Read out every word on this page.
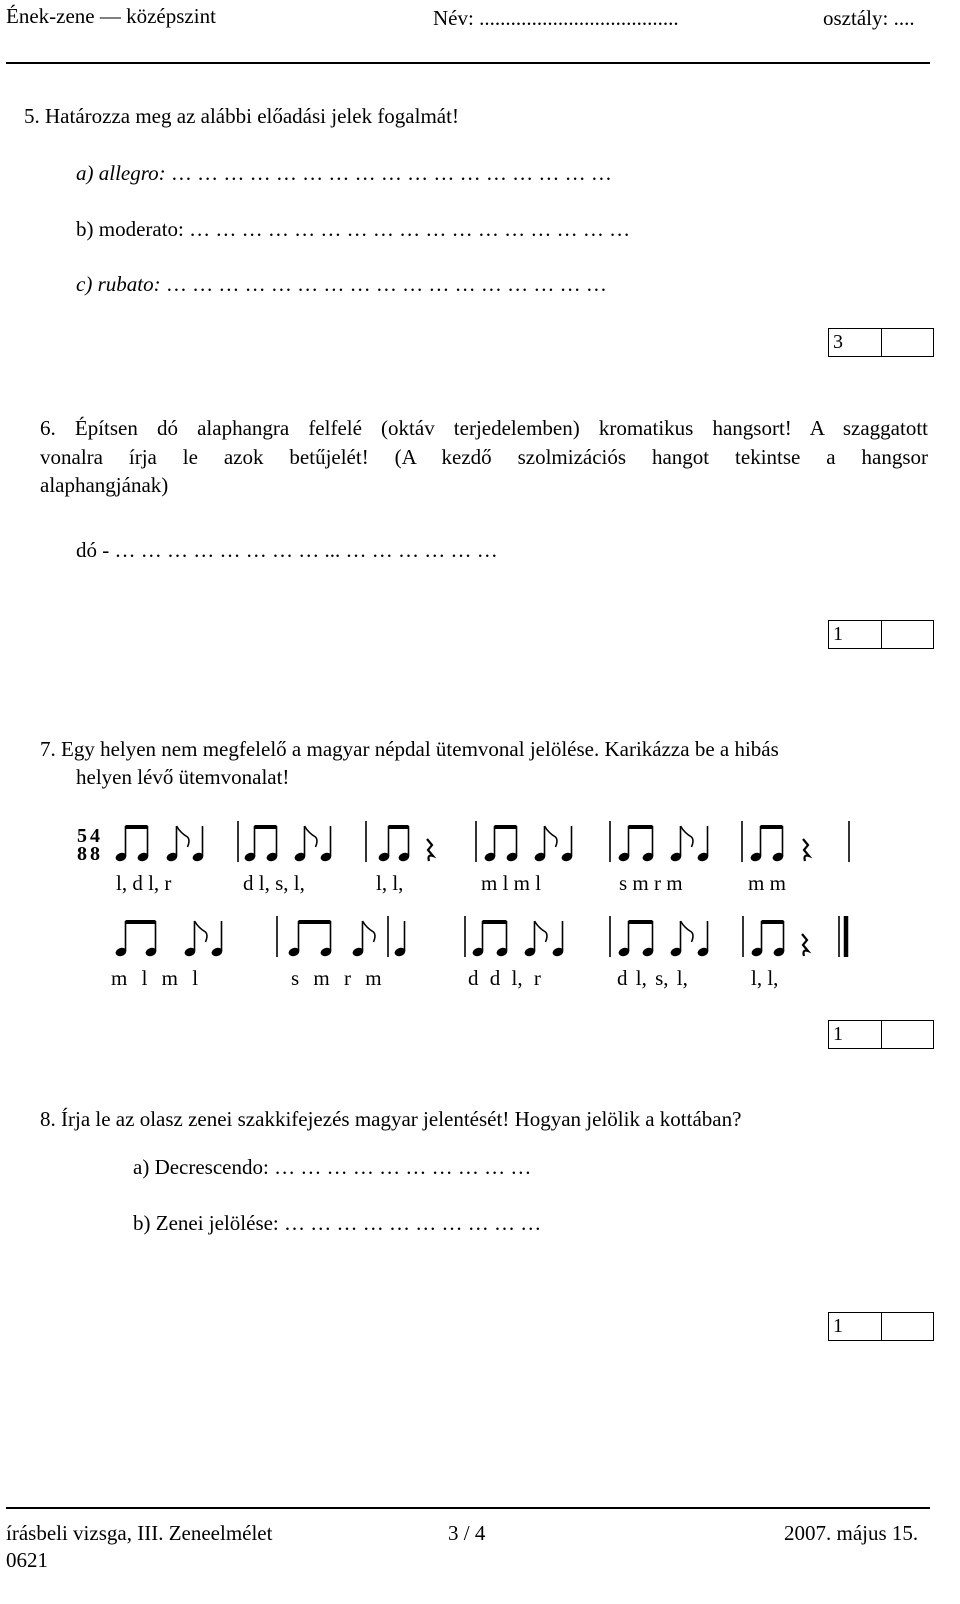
Ének-zene — középszint	Név: ......................................	osztály: ....
5. Határozza meg az alábbi előadási jelek fogalmát!
a) allegro: … … … … … … … … … … … … … … … … …
b) moderato: … … … … … … … … … … … … … … … … …
c) rubato: … … … … … … … … … … … … … … … … …
3
6. Építsen dó alaphangra felfelé (oktáv terjedelemben) kromatikus hangsort! A szaggatott
vonalra írja le azok betűjelét! (A kezdő szolmizációs hangot tekintse a hangsor
alaphangjának)
dó - … … … … … … … … ... … … … … … …
1
7. Egy helyen nem megfelelő a magyar népdal ütemvonal jelölése. Karikázza be a hibás
helyen lévő ütemvonalat!
5 4
8 8
l, d l, r	d l, s, l,	l, l,	m l m l	s m r m	m m
m l m l	s m r m	d d l, r	d l, s, l,	l, l,
1
8. Írja le az olasz zenei szakkifejezés magyar jelentését! Hogyan jelölik a kottában?
a) Decrescendo: … … … … … … … … … …
b) Zenei jelölése: … … … … … … … … … …
1
írásbeli vizsga, III. Zeneelmélet	3 / 4	2007. május 15.
0621
